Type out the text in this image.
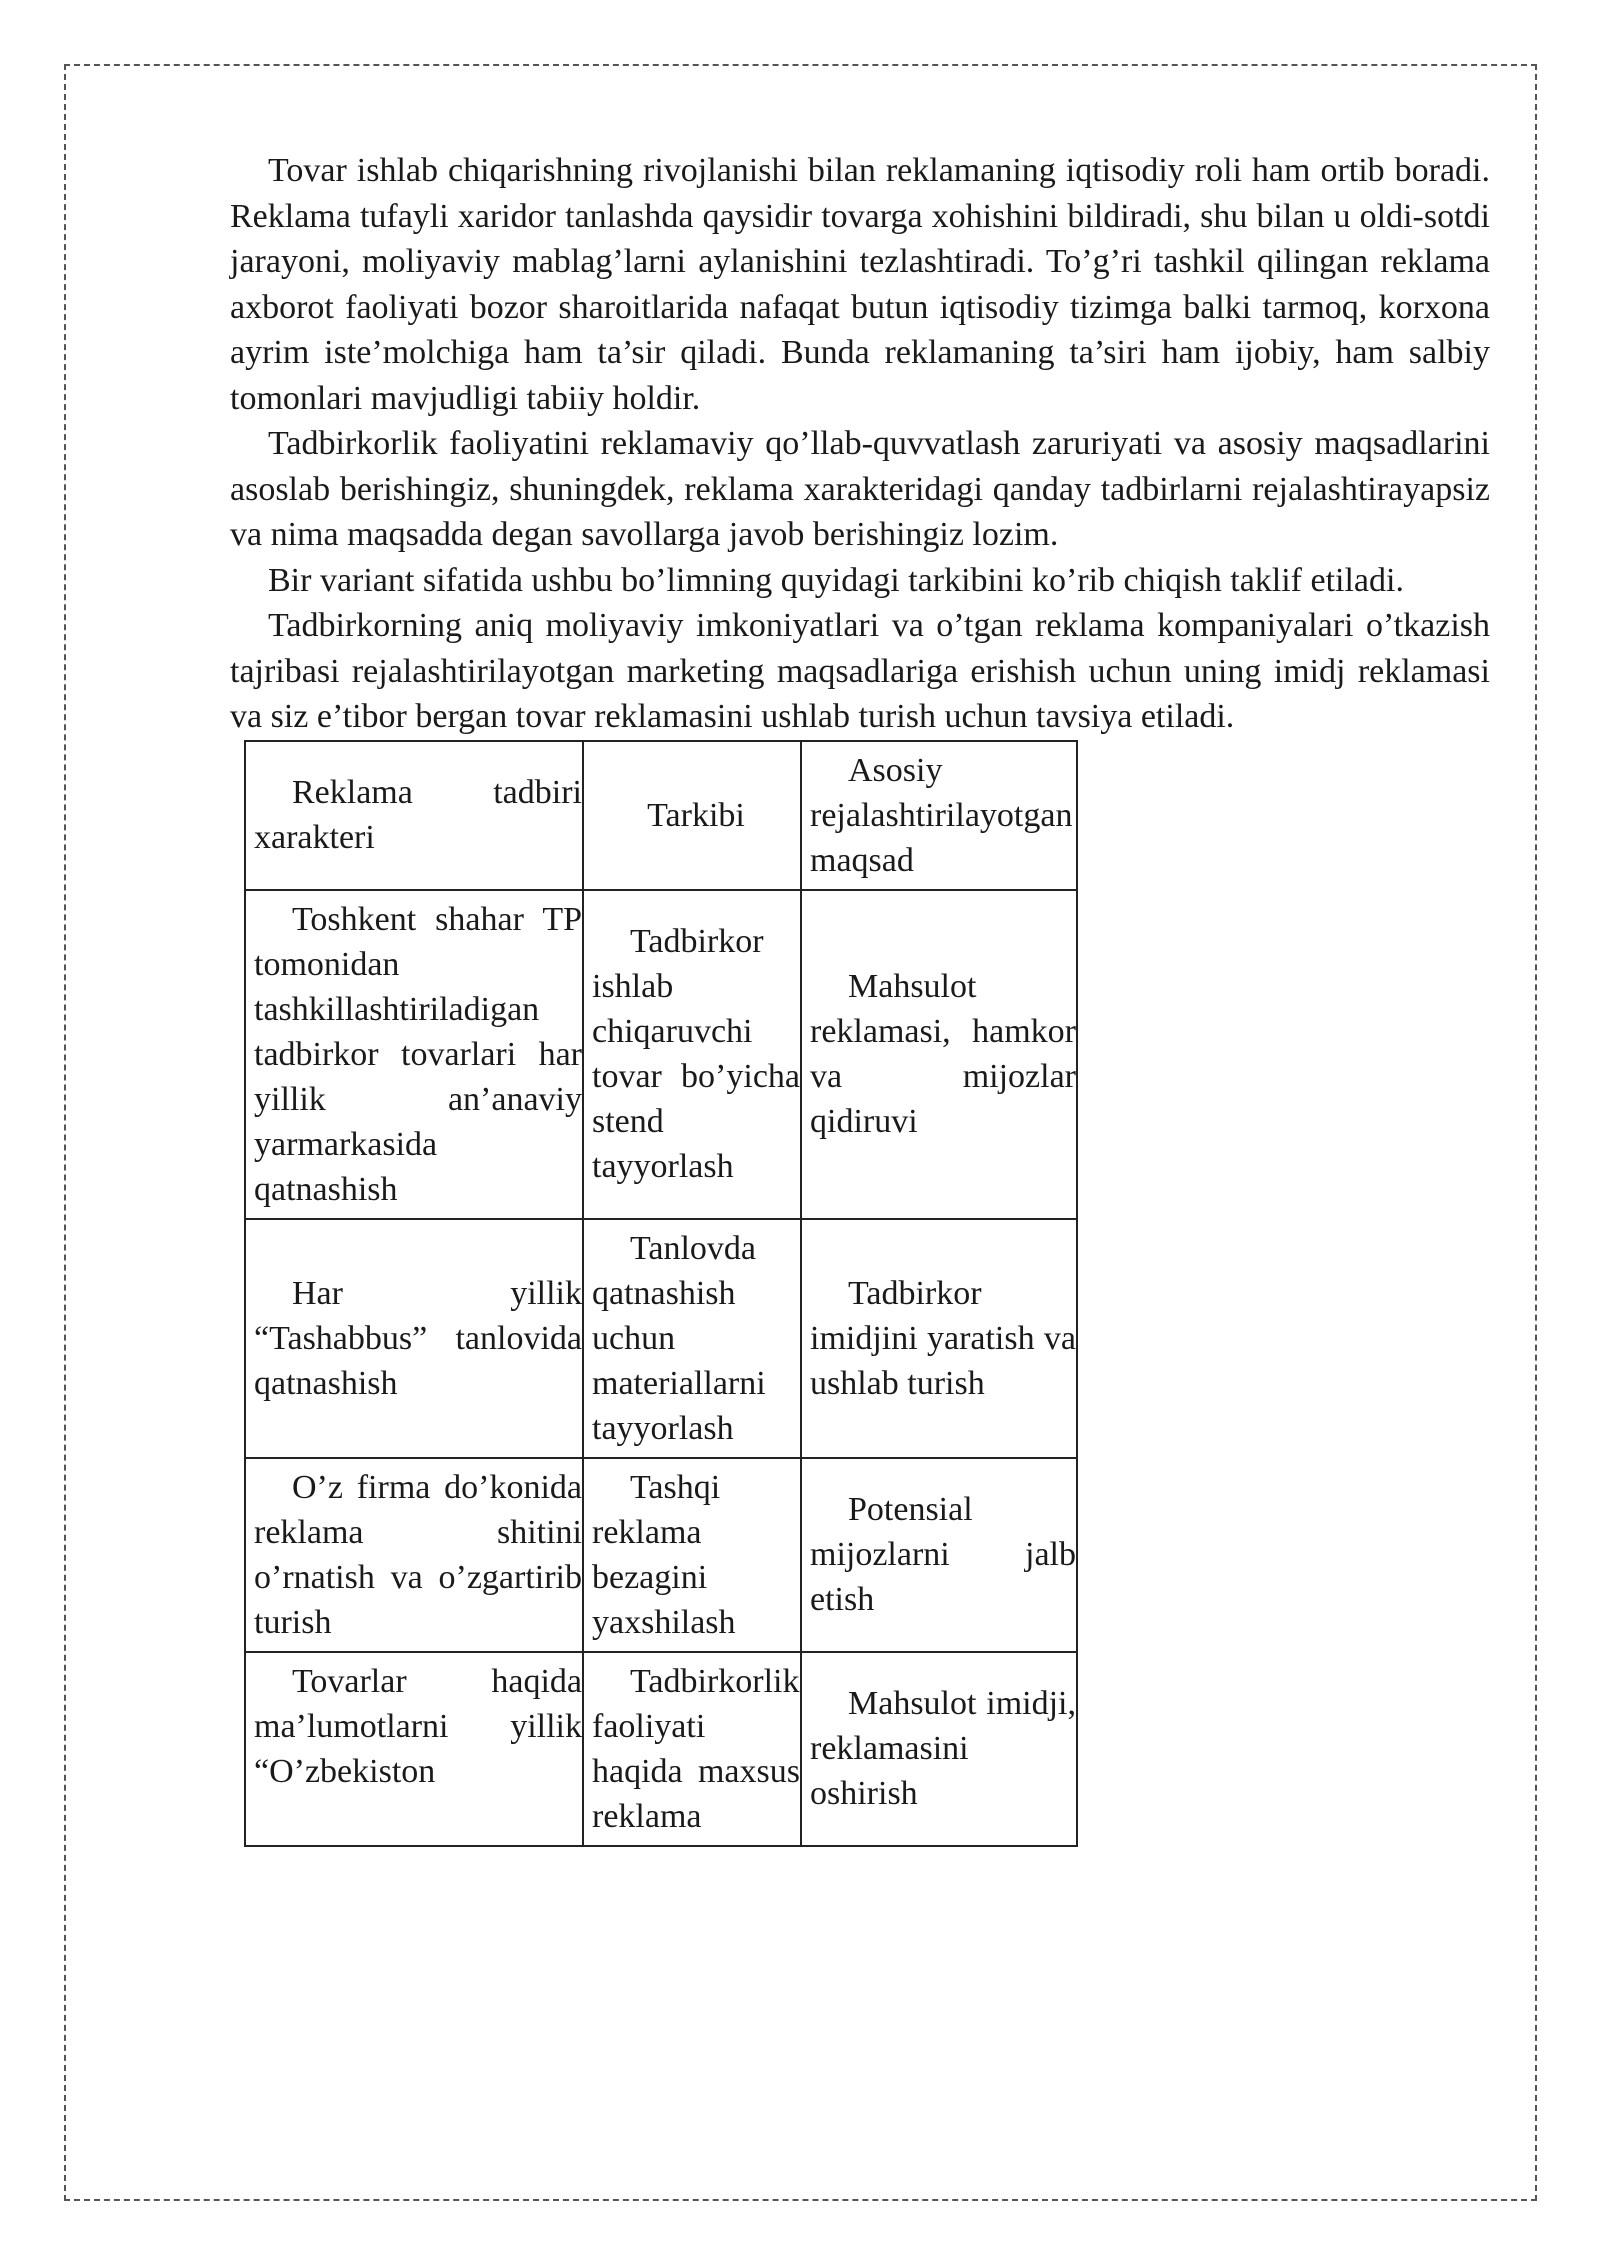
Tovar ishlab chiqarishning rivojlanishi bilan reklamaning iqtisodiy roli ham ortib boradi. Reklama tufayli xaridor tanlashda qaysidir tovarga xohishini bildiradi, shu bilan u oldi-sotdi jarayoni, moliyaviy mablag’larni aylanishini tezlashtiradi. To’g’ri tashkil qilingan reklama axborot faoliyati bozor sharoitlarida nafaqat butun iqtisodiy tizimga balki tarmoq, korxona ayrim iste’molchiga ham ta’sir qiladi. Bunda reklamaning ta’siri ham ijobiy, ham salbiy tomonlari mavjudligi tabiiy holdir.

Tadbirkorlik faoliyatini reklamaviy qo’llab-quvvatlash zaruriyati va asosiy maqsadlarini asoslab berishingiz, shuningdek, reklama xarakteridagi qanday tadbirlarni rejalashtirayapsiz va nima maqsadda degan savollarga javob berishingiz lozim.

Bir variant sifatida ushbu bo’limning quyidagi tarkibini ko’rib chiqish taklif etiladi.

Tadbirkorning aniq moliyaviy imkoniyatlari va o’tgan reklama kompaniyalari o’tkazish tajribasi rejalashtirilayotgan marketing maqsadlariga erishish uchun uning imidj reklamasi va siz e’tibor bergan tovar reklamasini ushlab turish uchun tavsiya etiladi.

Reklama tadbiri xarakteri	Tarkibi	Asosiy rejalashtirilayotgan maqsad

Toshkent shahar TP tomonidan tashkillashtiriladigan tadbirkor tovarlari har yillik an’anaviy yarmarkasida qatnashish	Tadbirkor ishlab chiqaruvchi tovar bo’yicha stend tayyorlash	Mahsulot reklamasi, hamkor va mijozlar qidiruvi

Har yillik “Tashabbus” tanlovida qatnashish	Tanlovda qatnashish uchun materiallarni tayyorlash	Tadbirkor imidjini yaratish va ushlab turish

O’z firma do’konida reklama shitini o’rnatish va o’zgartirib turish	Tashqi reklama bezagini yaxshilash	Potensial mijozlarni jalb etish

Tovarlar haqida ma’lumotlarni yillik “O’zbekiston	Tadbirkorlik faoliyati haqida maxsus reklama	Mahsulot imidji, reklamasini oshirish
